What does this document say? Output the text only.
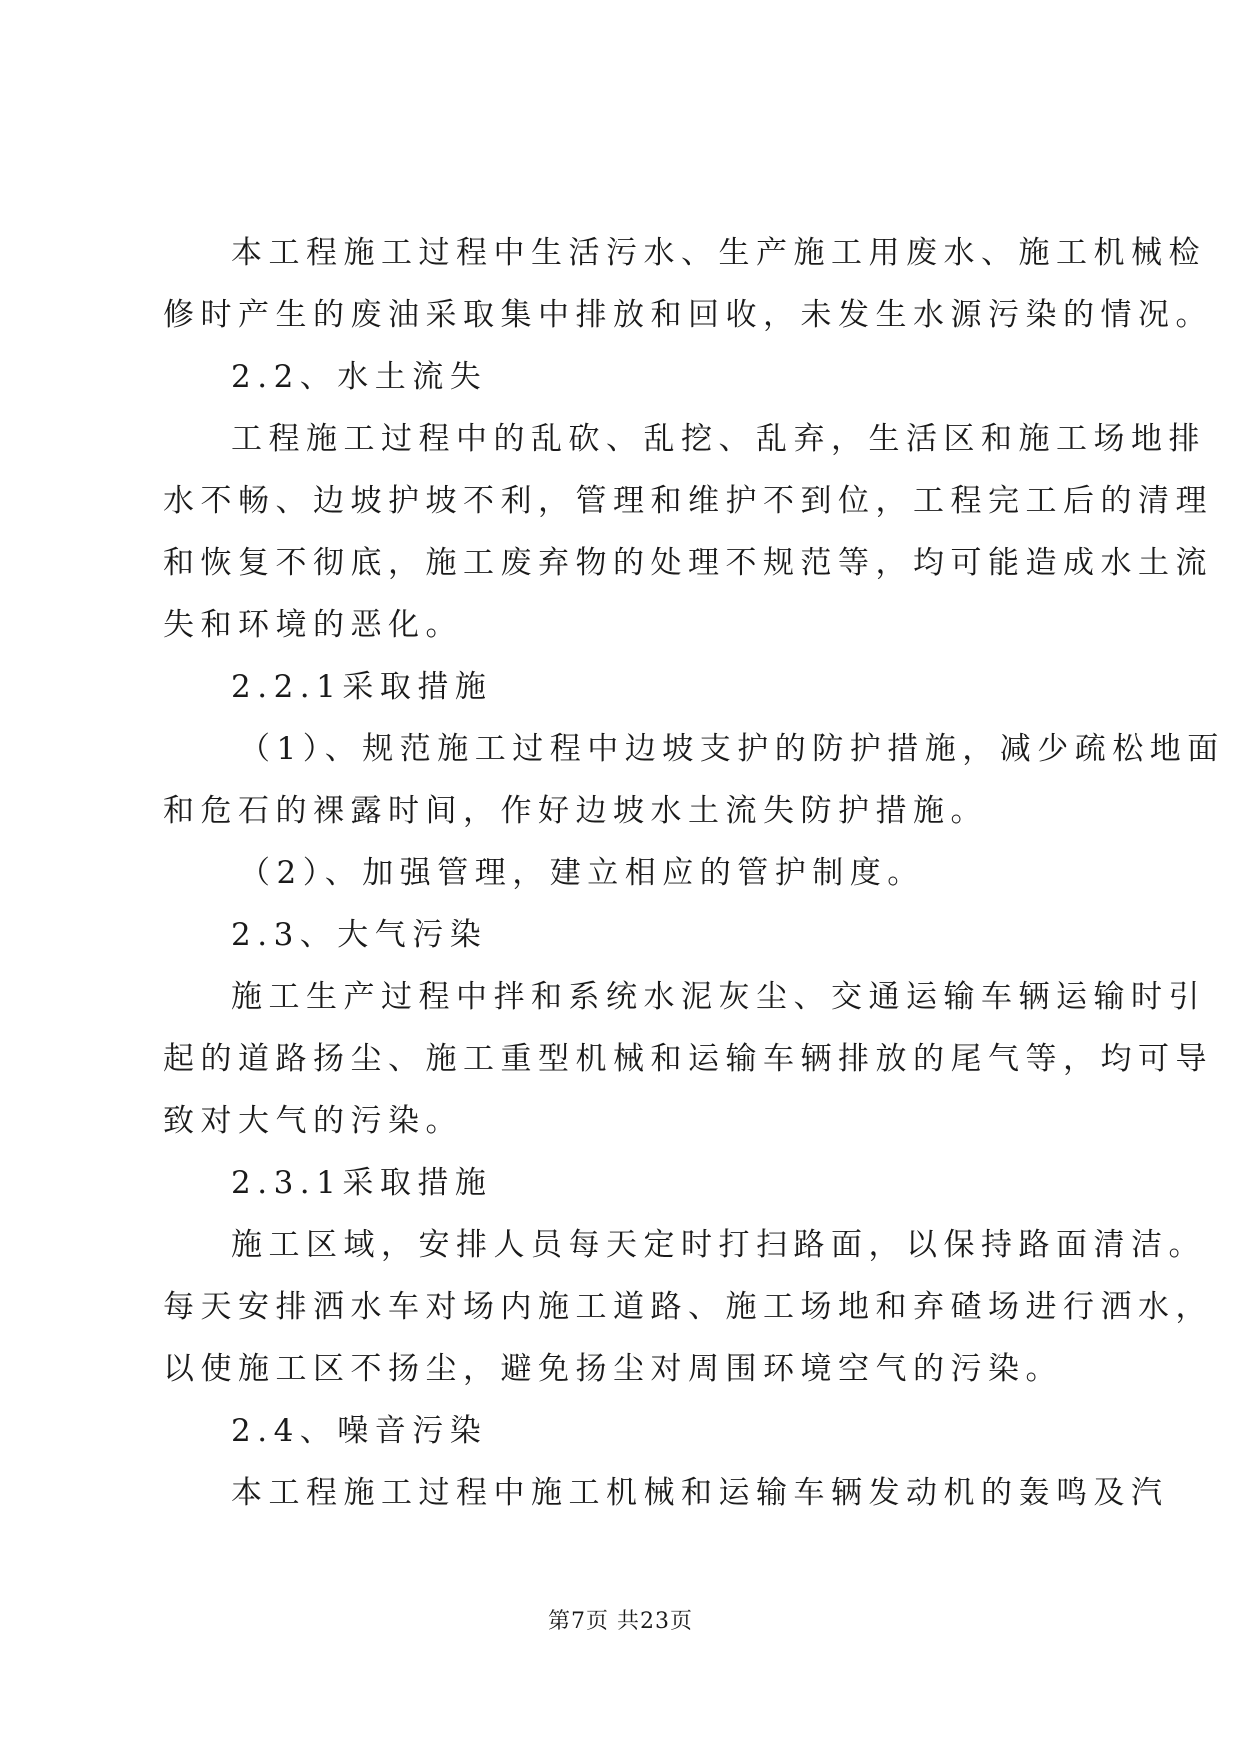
本工程施工过程中生活污水、生产施工用废水、施工机械检
修时产生的废油采取集中排放和回收，未发生水源污染的情况。
2.2、水土流失
工程施工过程中的乱砍、乱挖、乱弃，生活区和施工场地排
水不畅、边坡护坡不利，管理和维护不到位，工程完工后的清理
和恢复不彻底，施工废弃物的处理不规范等，均可能造成水土流
失和环境的恶化。
2.2.1采取措施
（1）、规范施工过程中边坡支护的防护措施，减少疏松地面
和危石的裸露时间，作好边坡水土流失防护措施。
（2）、加强管理，建立相应的管护制度。
2.3、大气污染
施工生产过程中拌和系统水泥灰尘、交通运输车辆运输时引
起的道路扬尘、施工重型机械和运输车辆排放的尾气等，均可导
致对大气的污染。
2.3.1采取措施
施工区域，安排人员每天定时打扫路面，以保持路面清洁。
每天安排洒水车对场内施工道路、施工场地和弃碴场进行洒水，
以使施工区不扬尘，避免扬尘对周围环境空气的污染。
2.4、噪音污染
本工程施工过程中施工机械和运输车辆发动机的轰鸣及汽
第7页 共23页
